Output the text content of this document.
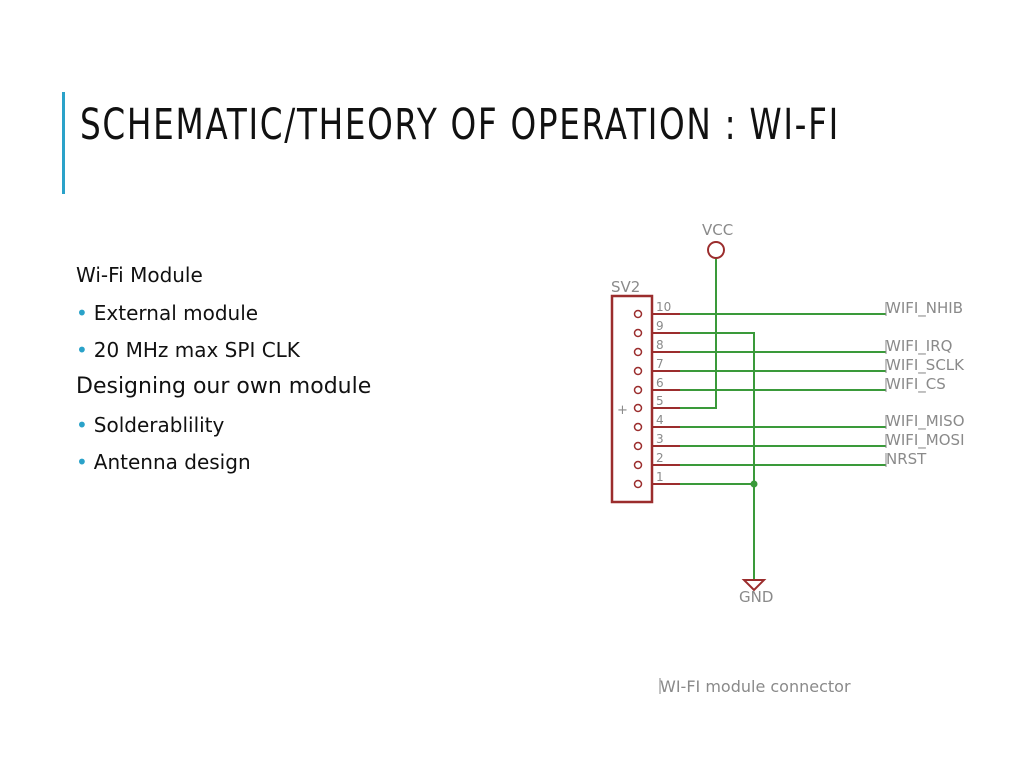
SCHEMATIC/THEORY OF OPERATION : WI-FI

Wi-Fi Module

• External module
• 20 MHz max SPI CLK

Designing our own module

• Solderablility
• Antenna design
SV2
+
10
9
8
7
6
5
4
3
2
1
WIFI_NHIB
WIFI_IRQ
WIFI_SCLK
WIFI_CS
WIFI_MISO
WIFI_MOSI
NRST
VCC
GND
WI-FI module connector
